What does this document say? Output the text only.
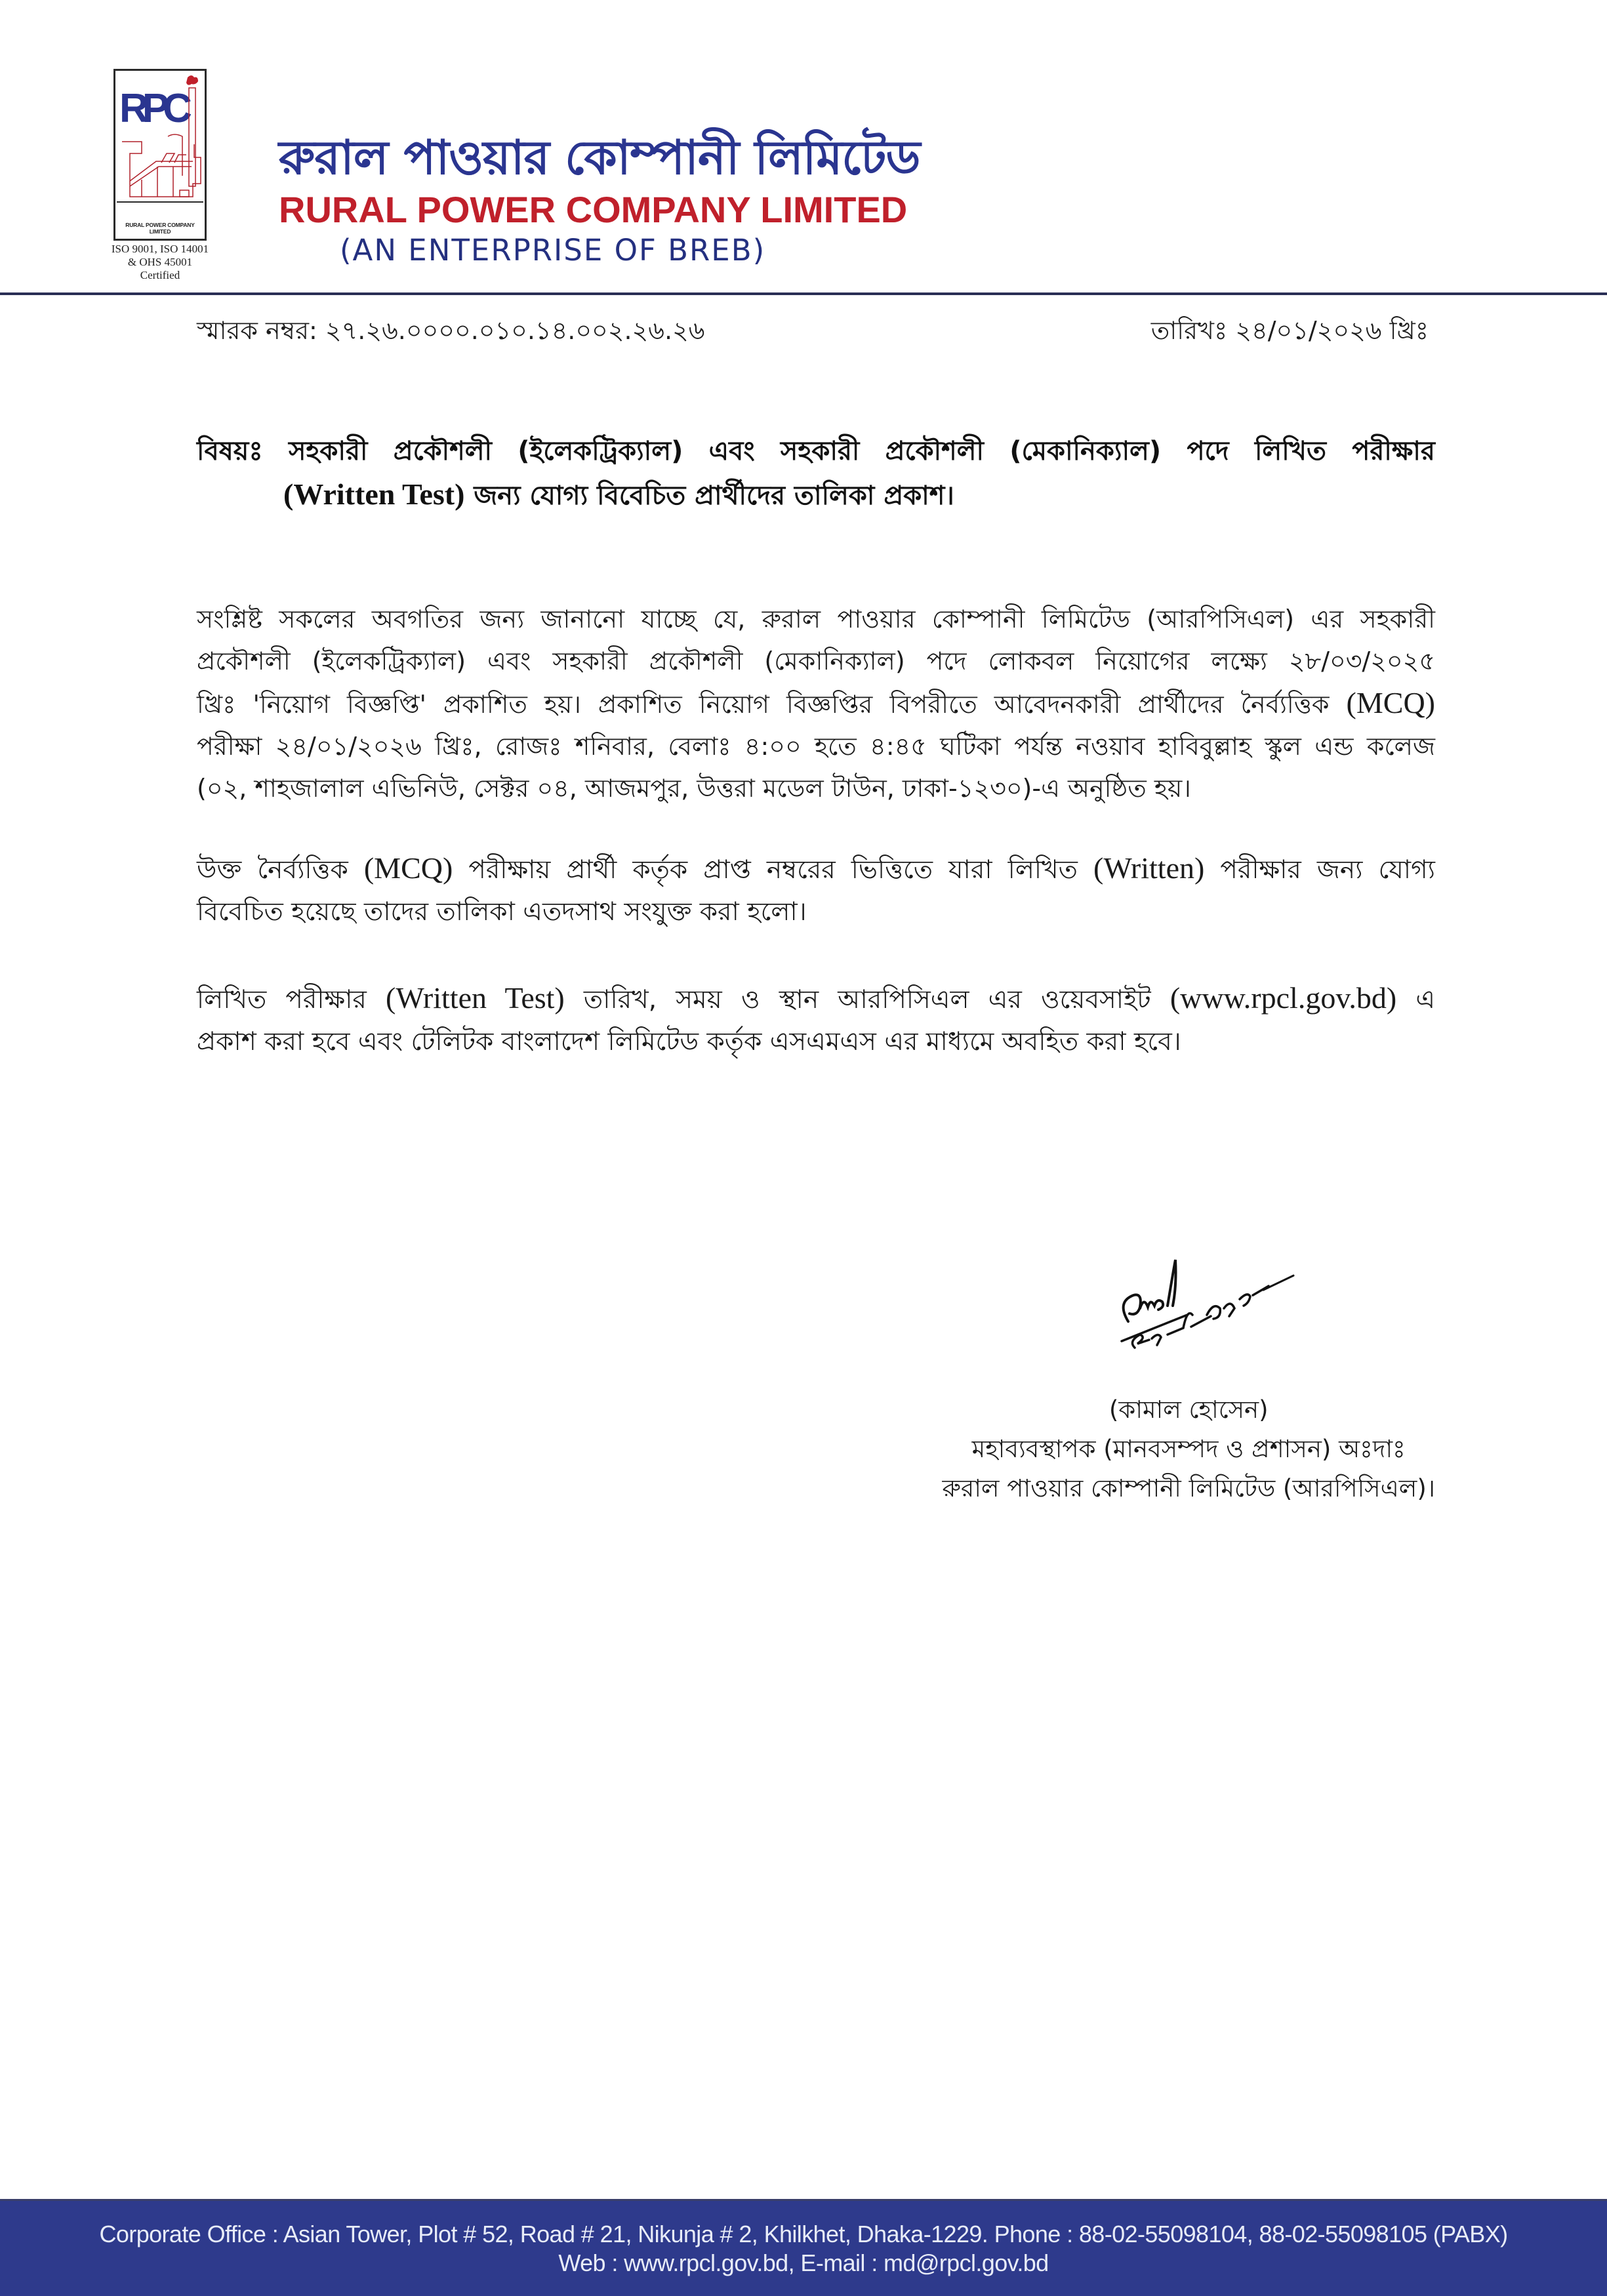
RPC
RURAL POWER COMPANY LIMITED
ISO 9001, ISO 14001
& OHS 45001 Certified
রুরাল পাওয়ার কোম্পানী লিমিটেড
RURAL POWER COMPANY LIMITED
(AN ENTERPRISE OF BREB)
স্মারক নম্বর: ২৭.২৬.০০০০.০১০.১৪.০০২.২৬.২৬	তারিখঃ ২৪/০১/২০২৬ খ্রিঃ
বিষয়ঃ সহকারী প্রকৌশলী (ইলেকট্রিক্যাল) এবং সহকারী প্রকৌশলী (মেকানিক্যাল) পদে লিখিত পরীক্ষার
(Written Test) জন্য যোগ্য বিবেচিত প্রার্থীদের তালিকা প্রকাশ।
সংশ্লিষ্ট সকলের অবগতির জন্য জানানো যাচ্ছে যে, রুরাল পাওয়ার কোম্পানী লিমিটেড (আরপিসিএল) এর সহকারী
প্রকৌশলী (ইলেকট্রিক্যাল) এবং সহকারী প্রকৌশলী (মেকানিক্যাল) পদে লোকবল নিয়োগের লক্ষ্যে ২৮/০৩/২০২৫
খ্রিঃ 'নিয়োগ বিজ্ঞপ্তি' প্রকাশিত হয়। প্রকাশিত নিয়োগ বিজ্ঞপ্তির বিপরীতে আবেদনকারী প্রার্থীদের নৈর্ব্যত্তিক (MCQ)
পরীক্ষা ২৪/০১/২০২৬ খ্রিঃ, রোজঃ শনিবার, বেলাঃ ৪:০০ হতে ৪:৪৫ ঘটিকা পর্যন্ত নওয়াব হাবিবুল্লাহ স্কুল এন্ড কলেজ
(০২, শাহজালাল এভিনিউ, সেক্টর ০৪, আজমপুর, উত্তরা মডেল টাউন, ঢাকা-১২৩০)-এ অনুষ্ঠিত হয়।
উক্ত নৈর্ব্যত্তিক (MCQ) পরীক্ষায় প্রার্থী কর্তৃক প্রাপ্ত নম্বরের ভিত্তিতে যারা লিখিত (Written) পরীক্ষার জন্য যোগ্য
বিবেচিত হয়েছে তাদের তালিকা এতদসাথ সংযুক্ত করা হলো।
লিখিত পরীক্ষার (Written Test) তারিখ, সময় ও স্থান আরপিসিএল এর ওয়েবসাইট (www.rpcl.gov.bd) এ
প্রকাশ করা হবে এবং টেলিটক বাংলাদেশ লিমিটেড কর্তৃক এসএমএস এর মাধ্যমে অবহিত করা হবে।
(কামাল হোসেন)
মহাব্যবস্থাপক (মানবসম্পদ ও প্রশাসন) অঃদাঃ
রুরাল পাওয়ার কোম্পানী লিমিটেড (আরপিসিএল)।
Corporate Office : Asian Tower, Plot # 52, Road # 21, Nikunja # 2, Khilkhet, Dhaka-1229. Phone : 88-02-55098104, 88-02-55098105 (PABX)
Web : www.rpcl.gov.bd, E-mail : md@rpcl.gov.bd
